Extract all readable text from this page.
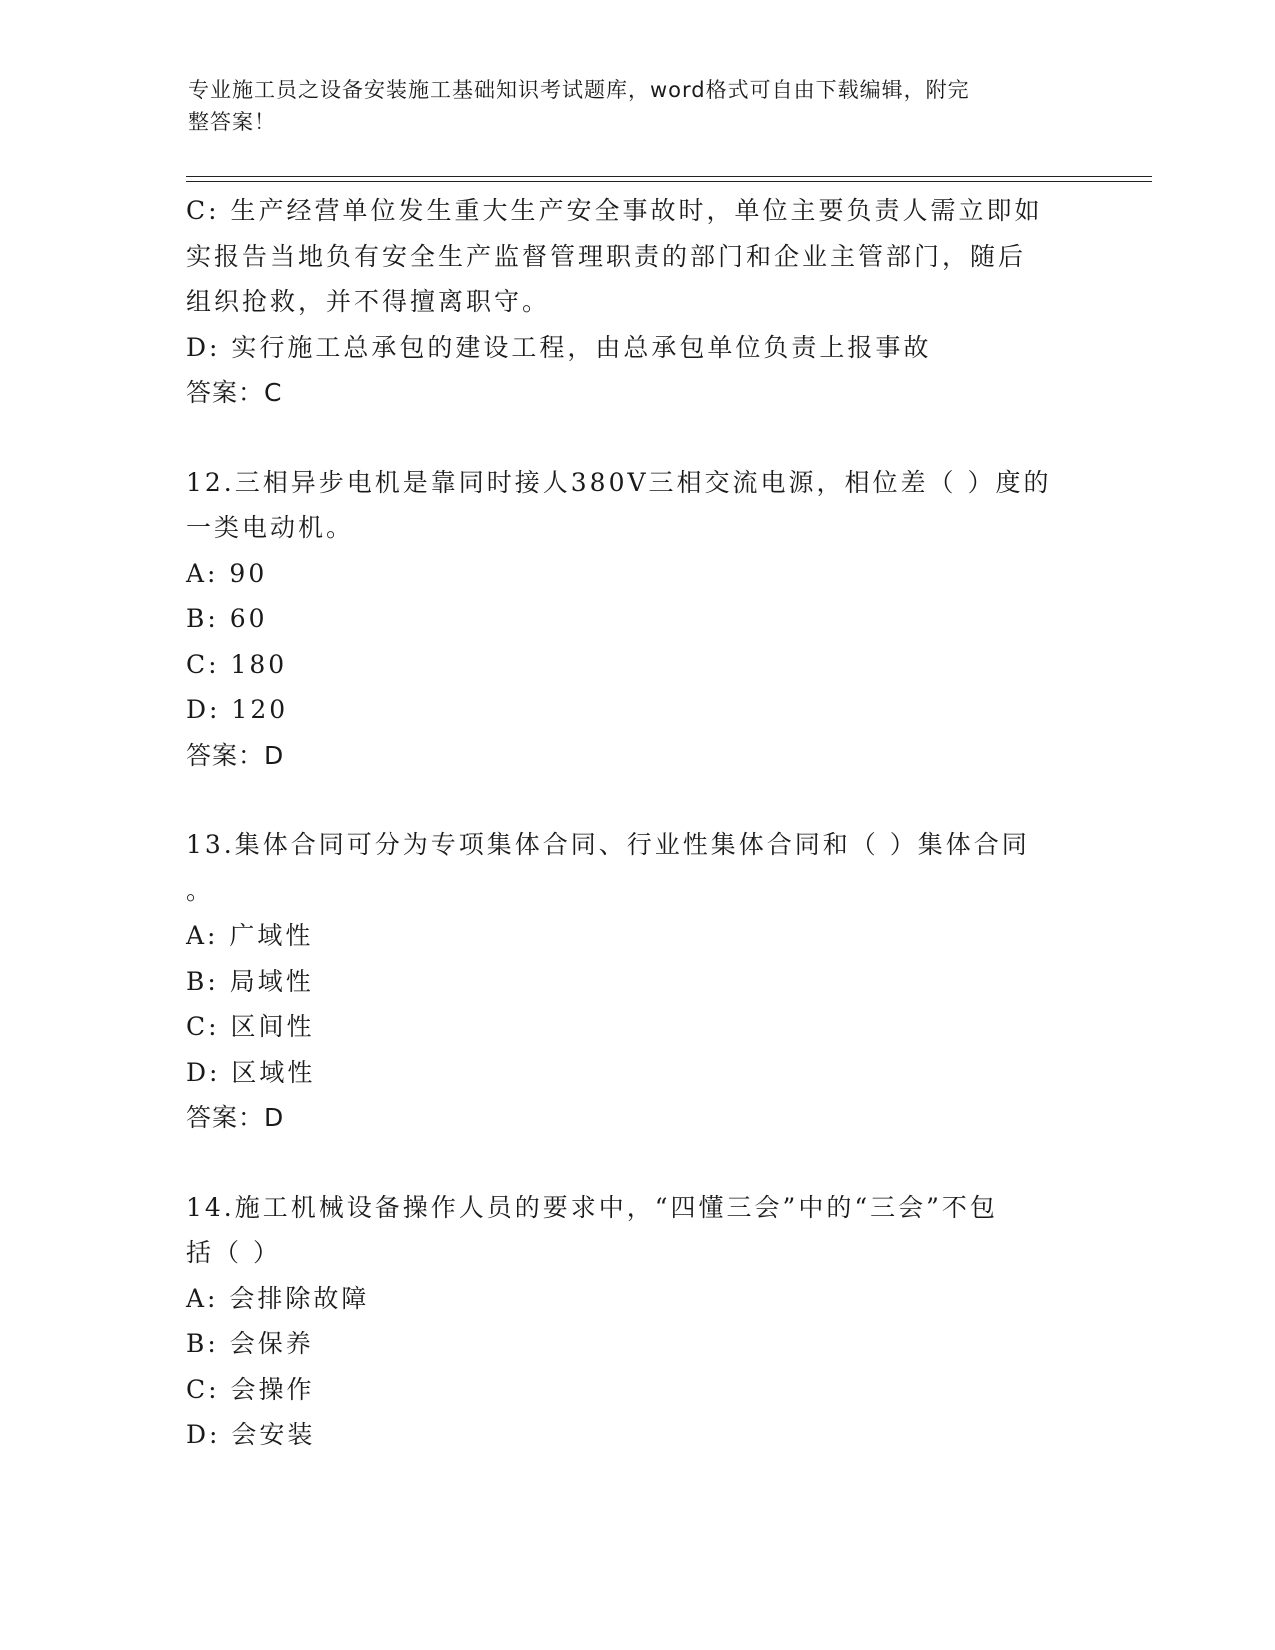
专业施工员之设备安装施工基础知识考试题库，word格式可自由下载编辑，附完
整答案！
C: 生产经营单位发生重大生产安全事故时，单位主要负责人需立即如
实报告当地负有安全生产监督管理职责的部门和企业主管部门，随后
组织抢救，并不得擅离职守。
D: 实行施工总承包的建设工程，由总承包单位负责上报事故
答案：C
12.三相异步电机是靠同时接人380V三相交流电源，相位差（ ）度的
一类电动机。
A: 90
B: 60
C: 180
D: 120
答案：D
13.集体合同可分为专项集体合同、行业性集体合同和（ ）集体合同
。
A: 广域性
B: 局域性
C: 区间性
D: 区域性
答案：D
14.施工机械设备操作人员的要求中，“四懂三会”中的“三会”不包
括（ ）
A: 会排除故障
B: 会保养
C: 会操作
D: 会安装
